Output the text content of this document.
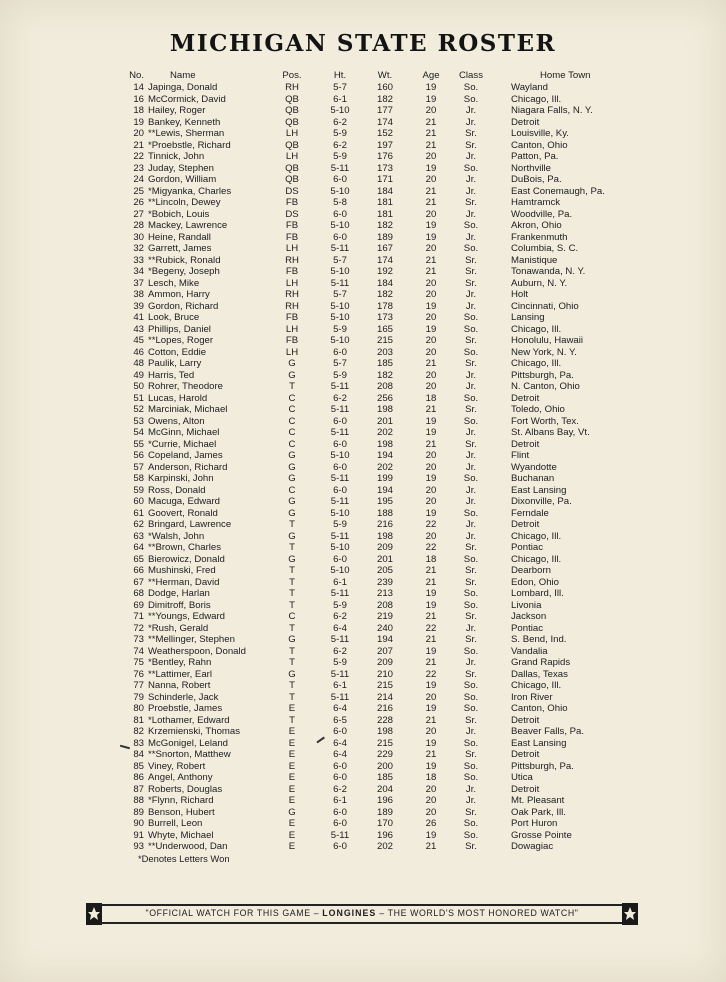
MICHIGAN STATE ROSTER
No.	Name	Pos.	Ht.	Wt.	Age	Class	Home Town
14 Japinga, Donald	RH	5-7	160	19	So.	Wayland
16 McCormick, David	QB	6-1	182	19	So.	Chicago, Ill.
18 Hailey, Roger	QB	5-10	177	20	Jr.	Niagara Falls, N. Y.
19 Bankey, Kenneth	QB	6-2	174	21	Jr.	Detroit
20 **Lewis, Sherman	LH	5-9	152	21	Sr.	Louisville, Ky.
21 *Proebstle, Richard	QB	6-2	197	21	Sr.	Canton, Ohio
22 Tinnick, John	LH	5-9	176	20	Jr.	Patton, Pa.
23 Juday, Stephen	QB	5-11	173	19	So.	Northville
24 Gordon, William	QB	6-0	171	20	Jr.	DuBois, Pa.
25 *Migyanka, Charles	DS	5-10	184	21	Jr.	East Conemaugh, Pa.
26 **Lincoln, Dewey	FB	5-8	181	21	Sr.	Hamtramck
27 *Bobich, Louis	DS	6-0	181	20	Jr.	Woodville, Pa.
28 Mackey, Lawrence	FB	5-10	182	19	So.	Akron, Ohio
30 Heine, Randall	FB	6-0	189	19	Jr.	Frankenmuth
32 Garrett, James	LH	5-11	167	20	So.	Columbia, S. C.
33 **Rubick, Ronald	RH	5-7	174	21	Sr.	Manistique
34 *Begeny, Joseph	FB	5-10	192	21	Sr.	Tonawanda, N. Y.
37 Lesch, Mike	LH	5-11	184	20	Sr.	Auburn, N. Y.
38 Ammon, Harry	RH	5-7	182	20	Jr.	Holt
39 Gordon, Richard	RH	5-10	178	19	Jr.	Cincinnati, Ohio
41 Look, Bruce	FB	5-10	173	20	So.	Lansing
43 Phillips, Daniel	LH	5-9	165	19	So.	Chicago, Ill.
45 **Lopes, Roger	FB	5-10	215	20	Sr.	Honolulu, Hawaii
46 Cotton, Eddie	LH	6-0	203	20	So.	New York, N. Y.
48 Paulik, Larry	G	5-7	185	21	Sr.	Chicago, Ill.
49 Harris, Ted	G	5-9	182	20	Jr.	Pittsburgh, Pa.
50 Rohrer, Theodore	T	5-11	208	20	Jr.	N. Canton, Ohio
51 Lucas, Harold	C	6-2	256	18	So.	Detroit
52 Marciniak, Michael	C	5-11	198	21	Sr.	Toledo, Ohio
53 Owens, Alton	C	6-0	201	19	So.	Fort Worth, Tex.
54 McGinn, Michael	C	5-11	202	19	Jr.	St. Albans Bay, Vt.
55 *Currie, Michael	C	6-0	198	21	Sr.	Detroit
56 Copeland, James	G	5-10	194	20	Jr.	Flint
57 Anderson, Richard	G	6-0	202	20	Jr.	Wyandotte
58 Karpinski, John	G	5-11	199	19	So.	Buchanan
59 Ross, Donald	C	6-0	194	20	Jr.	East Lansing
60 Macuga, Edward	G	5-11	195	20	Jr.	Dixonville, Pa.
61 Goovert, Ronald	G	5-10	188	19	So.	Ferndale
62 Bringard, Lawrence	T	5-9	216	22	Jr.	Detroit
63 *Walsh, John	G	5-11	198	20	Jr.	Chicago, Ill.
64 **Brown, Charles	T	5-10	209	22	Sr.	Pontiac
65 Bierowicz, Donald	G	6-0	201	18	So.	Chicago, Ill.
66 Mushinski, Fred	T	5-10	205	21	Sr.	Dearborn
67 **Herman, David	T	6-1	239	21	Sr.	Edon, Ohio
68 Dodge, Harlan	T	5-11	213	19	So.	Lombard, Ill.
69 Dimitroff, Boris	T	5-9	208	19	So.	Livonia
71 **Youngs, Edward	C	6-2	219	21	Sr.	Jackson
72 *Rush, Gerald	T	6-4	240	22	Jr.	Pontiac
73 **Mellinger, Stephen	G	5-11	194	21	Sr.	S. Bend, Ind.
74 Weatherspoon, Donald	T	6-2	207	19	So.	Vandalia
75 *Bentley, Rahn	T	5-9	209	21	Jr.	Grand Rapids
76 **Lattimer, Earl	G	5-11	210	22	Sr.	Dallas, Texas
77 Nanna, Robert	T	6-1	215	19	So.	Chicago, Ill.
79 Schinderle, Jack	T	5-11	214	20	So.	Iron River
80 Proebstle, James	E	6-4	216	19	So.	Canton, Ohio
81 *Lothamer, Edward	T	6-5	228	21	Sr.	Detroit
82 Krzemienski, Thomas	E	6-0	198	20	Jr.	Beaver Falls, Pa.
83 McGonigel, Leland	E	6-4	215	19	So.	East Lansing
84 **Snorton, Matthew	E	6-4	229	21	Sr.	Detroit
85 Viney, Robert	E	6-0	200	19	So.	Pittsburgh, Pa.
86 Angel, Anthony	E	6-0	185	18	So.	Utica
87 Roberts, Douglas	E	6-2	204	20	Jr.	Detroit
88 *Flynn, Richard	E	6-1	196	20	Jr.	Mt. Pleasant
89 Benson, Hubert	G	6-0	189	20	Sr.	Oak Park, Ill.
90 Burrell, Leon	E	6-0	170	26	So.	Port Huron
91 Whyte, Michael	E	5-11	196	19	So.	Grosse Pointe
93 **Underwood, Dan	E	6-0	202	21	Sr.	Dowagiac
*Denotes Letters Won
"OFFICIAL WATCH FOR THIS GAME – LONGINES – THE WORLD'S MOST HONORED WATCH"
